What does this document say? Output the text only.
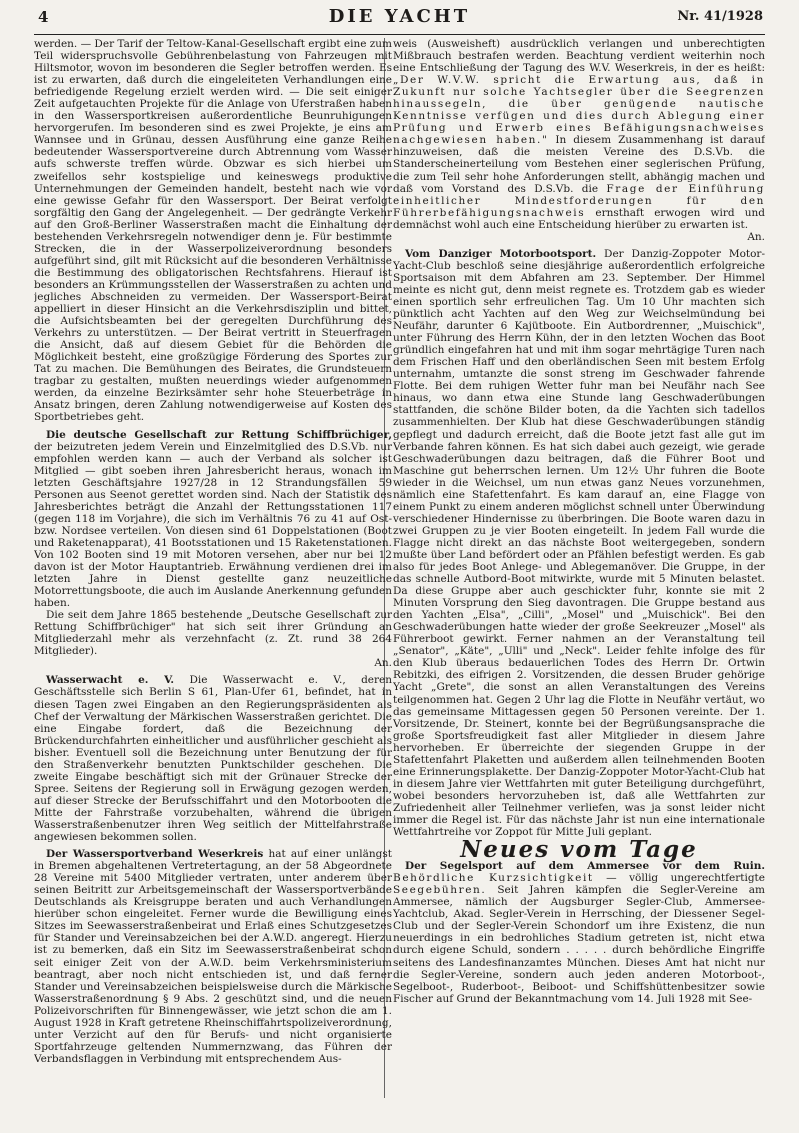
4	DIE YACHT	Nr. 41/1928

werden. — Der Tarif der Teltow-Kanal-Gesellschaft ergibt eine zum Teil widerspruchsvolle Gebührenbelastung von Fahrzeugen mit Hiltsmotor, wovon im besonderen die Segler betroffen werden. Es ist zu erwarten, daß durch die eingeleiteten Verhandlungen eine befriedigende Regelung erzielt werden wird. — Die seit einiger Zeit aufgetauchten Projekte für die Anlage von Uferstraßen haben in den Wassersportkreisen außerordentliche Beunruhigungen hervorgerufen. Im besonderen sind es zwei Projekte, je eins am Wannsee und in Grünau, dessen Ausführung eine ganze Reihe bedeutender Wassersportvereine durch Abtrennung vom Wasser aufs schwerste treffen würde. Obzwar es sich hierbei um zweifellos sehr kostspielige und keineswegs produktive Unternehmungen der Gemeinden handelt, besteht nach wie vor eine gewisse Gefahr für den Wassersport. Der Beirat verfolgt sorgfältig den Gang der Angelegenheit. — Der gedrängte Verkehr auf den Groß-Berliner Wasserstraßen macht die Einhaltung der bestehenden Verkehrsregeln notwendiger denn je. Für bestimmte Strecken, die in der Wasserpolizeiverordnung besonders aufgeführt sind, gilt mit Rücksicht auf die besonderen Verhältnisse die Bestimmung des obligatorischen Rechtsfahrens. Hierauf ist besonders an Krümmungsstellen der Wasserstraßen zu achten und jegliches Abschneiden zu vermeiden. Der Wassersport-Beirat appelliert in dieser Hinsicht an die Verkehrsdisziplin und bittet, die Aufsichtsbeamten bei der geregelten Durchführung des Verkehrs zu unterstützen. — Der Beirat vertritt in Steuerfragen die Ansicht, daß auf diesem Gebiet für die Behörden die Möglichkeit besteht, eine großzügige Förderung des Sportes zur Tat zu machen. Die Bemühungen des Beirates, die Grundsteuern tragbar zu gestalten, mußten neuerdings wieder aufgenommen werden, da einzelne Bezirksämter sehr hohe Steuerbeträge in Ansatz bringen, deren Zahlung notwendigerweise auf Kosten des Sportbetriebes geht.

Die deutsche Gesellschaft zur Rettung Schiffbrüchiger, der beizutreten jedem Verein und Einzelmitglied des D.S.Vb. nur empfohlen werden kann — auch der Verband als solcher ist Mitglied — gibt soeben ihren Jahresbericht heraus, wonach im letzten Geschäftsjahre 1927/28 in 12 Strandungsfällen 59 Personen aus Seenot gerettet worden sind. Nach der Statistik des Jahresberichtes beträgt die Anzahl der Rettungsstationen 117 (gegen 118 im Vorjahre), die sich im Verhältnis 76 zu 41 auf Ost- bzw. Nordsee verteilen. Von diesen sind 61 Doppelstationen (Boot und Raketenapparat), 41 Bootsstationen und 15 Raketenstationen. Von 102 Booten sind 19 mit Motoren versehen, aber nur bei 12 davon ist der Motor Hauptantrieb. Erwähnung verdienen drei im letzten Jahre in Dienst gestellte ganz neuzeitliche Motorrettungsboote, die auch im Auslande Anerkennung gefunden haben.

Die seit dem Jahre 1865 bestehende „Deutsche Gesellschaft zur Rettung Schiffbrüchiger" hat sich seit ihrer Gründung an Mitgliederzahl mehr als verzehnfacht (z. Zt. rund 38 264 Mitglieder).
An.

Wasserwacht e. V. Die Wasserwacht e. V., deren Geschäftsstelle sich Berlin S 61, Plan-Ufer 61, befindet, hat in diesen Tagen zwei Eingaben an den Regierungspräsidenten als Chef der Verwaltung der Märkischen Wasserstraßen gerichtet. Die eine Eingabe fordert, daß die Bezeichnung der Brückendurchfahrten einheitlicher und ausführlicher geschieht als bisher. Eventuell soll die Bezeichnung unter Benutzung der für den Straßenverkehr benutzten Punktschilder geschehen. Die zweite Eingabe beschäftigt sich mit der Grünauer Strecke der Spree. Seitens der Regierung soll in Erwägung gezogen werden, auf dieser Strecke der Berufsschiffahrt und den Motorbooten die Mitte der Fahrstraße vorzubehalten, während die übrigen Wasserstraßenbenutzer ihren Weg seitlich der Mittelfahrstraße angewiesen bekommen sollen.

Der Wassersportverband Weserkreis hat auf einer unlängst in Bremen abgehaltenen Vertretertagung, an der 58 Abgeordnete 28 Vereine mit 5400 Mitglieder vertraten, unter anderem über seinen Beitritt zur Arbeitsgemeinschaft der Wassersportverbände Deutschlands als Kreisgruppe beraten und auch Verhandlungen hierüber schon eingeleitet. Ferner wurde die Bewilligung eines Sitzes im Seewasserstraßenbeirat und Erlaß eines Schutzgesetzes für Stander und Vereinsabzeichen bei der A.W.D. angeregt. Hierzu ist zu bemerken, daß ein Sitz im Seewasserstraßenbeirat schon seit einiger Zeit von der A.W.D. beim Verkehrsministerium beantragt, aber noch nicht entschieden ist, und daß ferner Stander und Vereinsabzeichen beispielsweise durch die Märkische Wasserstraßenordnung § 9 Abs. 2 geschützt sind, und die neuen Polizeivorschriften für Binnengewässer, wie jetzt schon die am 1. August 1928 in Kraft getretene Rheinschiffahrtspolizeiverordnung, unter Verzicht auf den für Berufs- und nicht organisierte Sportfahrzeuge geltenden Nummernzwang, das Führen der Verbandsflaggen in Verbindung mit entsprechendem Aus-

weis (Ausweisheft) ausdrücklich verlangen und unberechtigten Mißbrauch bestrafen werden. Beachtung verdient weiterhin noch eine Entschließung der Tagung des W.V. Weserkreis, in der es heißt: „Der W.V.W. spricht die Erwartung aus, daß in Zukunft nur solche Yachtsegler über die Seegrenzen hinaussegeln, die über genügende nautische Kenntnisse verfügen und dies durch Ablegung einer Prüfung und Erwerb eines Befähigungsnachweises nachgewiesen haben." In diesem Zusammenhang ist darauf hinzuweisen, daß die meisten Vereine des D.S.Vb. die Standerscheinerteilung vom Bestehen einer seglerischen Prüfung, die zum Teil sehr hohe Anforderungen stellt, abhängig machen und daß vom Vorstand des D.S.Vb. die Frage der Einführung einheitlicher Mindestforderungen für den Führerbefähigungsnachweis ernsthaft erwogen wird und demnächst wohl auch eine Entscheidung hierüber zu erwarten ist.
An.

Vom Danziger Motorbootsport. Der Danzig-Zoppoter Motor-Yacht-Club beschloß seine diesjährige außerordentlich erfolgreiche Sportsaison mit dem Abfahren am 23. September. Der Himmel meinte es nicht gut, denn meist regnete es. Trotzdem gab es wieder einen sportlich sehr erfreulichen Tag. Um 10 Uhr machten sich pünktlich acht Yachten auf den Weg zur Weichselmündung bei Neufähr, darunter 6 Kajütboote. Ein Autbordrenner, „Muischick", unter Führung des Herrn Kühn, der in den letzten Wochen das Boot gründlich eingefahren hat und mit ihm sogar mehrtägige Turen nach dem Frischen Haff und den oberländischen Seen mit bestem Erfolg unternahm, umtanzte die sonst streng im Geschwader fahrende Flotte. Bei dem ruhigen Wetter fuhr man bei Neufähr nach See hinaus, wo dann etwa eine Stunde lang Geschwaderübungen stattfanden, die schöne Bilder boten, da die Yachten sich tadellos zusammenhielten. Der Klub hat diese Geschwaderübungen ständig gepflegt und dadurch erreicht, daß die Boote jetzt fast alle gut im Verbande fahren können. Es hat sich dabei auch gezeigt, wie gerade Geschwaderübungen dazu beitragen, daß die Führer Boot und Maschine gut beherrschen lernen. Um 12½ Uhr fuhren die Boote wieder in die Weichsel, um nun etwas ganz Neues vorzunehmen, nämlich eine Stafettenfahrt. Es kam darauf an, eine Flagge von einem Punkt zu einem anderen möglichst schnell unter Überwindung verschiedener Hindernisse zu überbringen. Die Boote waren dazu in zwei Gruppen zu je vier Booten eingeteilt. In jedem Fall wurde die Flagge nicht direkt an das nächste Boot weitergegeben, sondern mußte über Land befördert oder an Pfählen befestigt werden. Es gab also für jedes Boot Anlege- und Ablegemanöver. Die Gruppe, in der das schnelle Autbord-Boot mitwirkte, wurde mit 5 Minuten belastet. Da diese Gruppe aber auch geschickter fuhr, konnte sie mit 2 Minuten Vorsprung den Sieg davontragen. Die Gruppe bestand aus den Yachten „Elsa", „Cilli", „Mosel" und „Muischick". Bei den Geschwaderübungen hatte wieder der große Seekreuzer „Mosel" als Führerboot gewirkt. Ferner nahmen an der Veranstaltung teil „Senator", „Käte", „Ulli" und „Neck". Leider fehlte infolge des für den Klub überaus bedauerlichen Todes des Herrn Dr. Ortwin Rebitzki, des eifrigen 2. Vorsitzenden, die dessen Bruder gehörige Yacht „Grete", die sonst an allen Veranstaltungen des Vereins teilgenommen hat. Gegen 2 Uhr lag die Flotte in Neufähr vertäut, wo das gemeinsame Mittagessen gegen 50 Personen vereinte. Der 1. Vorsitzende, Dr. Steinert, konnte bei der Begrüßungsansprache die große Sportsfreudigkeit fast aller Mitglieder in diesem Jahre hervorheben. Er überreichte der siegenden Gruppe in der Stafettenfahrt Plaketten und außerdem allen teilnehmenden Booten eine Erinnerungsplakette. Der Danzig-Zoppoter Motor-Yacht-Club hat in diesem Jahre vier Wettfahrten mit guter Beteiligung durchgeführt, wobei besonders hervorzuheben ist, daß alle Wettfahrten zur Zufriedenheit aller Teilnehmer verliefen, was ja sonst leider nicht immer die Regel ist. Für das nächste Jahr ist nun eine internationale Wettfahrtreihe vor Zoppot für Mitte Juli geplant.

Neues vom Tage

Der Segelsport auf dem Ammersee vor dem Ruin. Behördliche Kurzsichtigkeit — völlig ungerechtfertigte Seegebühren. Seit Jahren kämpfen die Segler-Vereine am Ammersee, nämlich der Augsburger Segler-Club, Ammersee-Yachtclub, Akad. Segler-Verein in Herrsching, der Diessener Segel-Club und der Segler-Verein Schondorf um ihre Existenz, die nun neuerdings in ein bedrohliches Stadium getreten ist, nicht etwa durch eigene Schuld, sondern . . . . . durch behördliche Eingriffe seitens des Landesfinanzamtes München. Dieses Amt hat nicht nur die Segler-Vereine, sondern auch jeden anderen Motorboot-, Segelboot-, Ruderboot-, Beiboot- und Schiffshüttenbesitzer sowie Fischer auf Grund der Bekanntmachung vom 14. Juli 1928 mit See-
